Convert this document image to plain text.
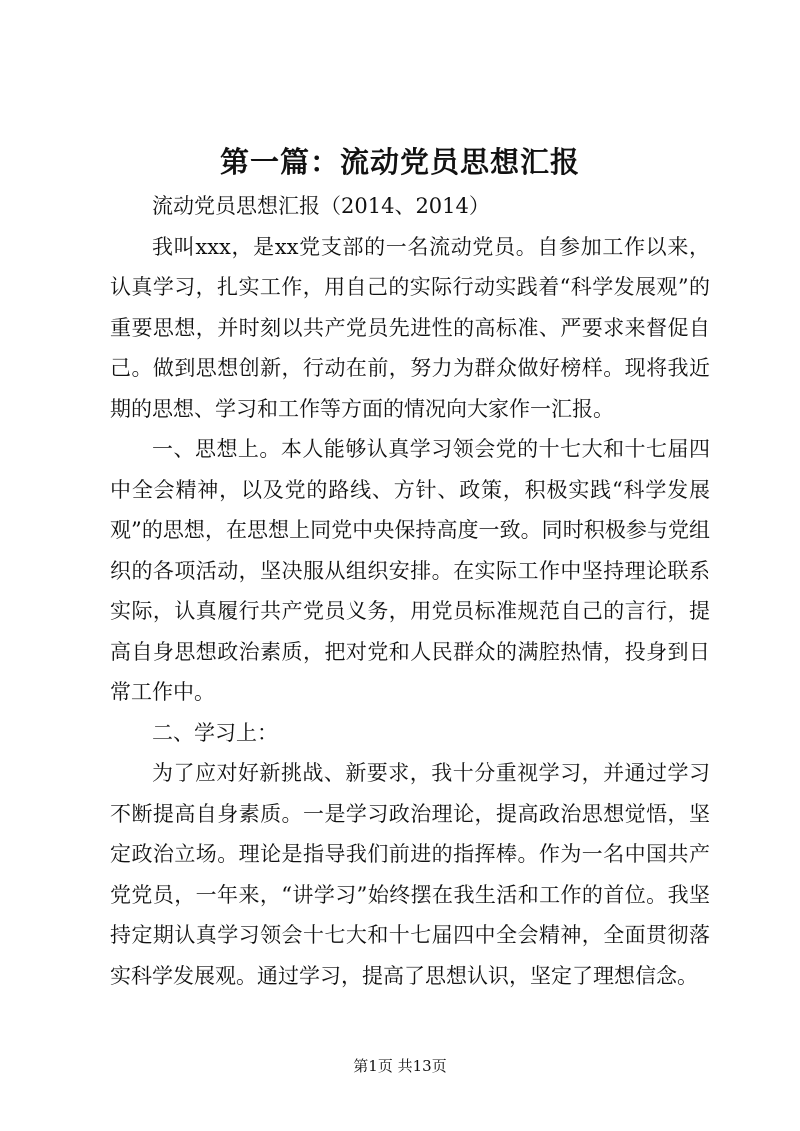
第一篇：流动党员思想汇报

流动党员思想汇报（2014、2014）

我叫xxx，是xx党支部的一名流动党员。自参加工作以来，认真学习，扎实工作，用自己的实际行动实践着“科学发展观”的重要思想，并时刻以共产党员先进性的高标准、严要求来督促自己。做到思想创新，行动在前，努力为群众做好榜样。现将我近期的思想、学习和工作等方面的情况向大家作一汇报。

一、思想上。本人能够认真学习领会党的十七大和十七届四中全会精神，以及党的路线、方针、政策，积极实践“科学发展观”的思想，在思想上同党中央保持高度一致。同时积极参与党组织的各项活动，坚决服从组织安排。在实际工作中坚持理论联系实际，认真履行共产党员义务，用党员标准规范自己的言行，提高自身思想政治素质，把对党和人民群众的满腔热情，投身到日常工作中。

二、学习上：

为了应对好新挑战、新要求，我十分重视学习，并通过学习不断提高自身素质。一是学习政治理论，提高政治思想觉悟，坚定政治立场。理论是指导我们前进的指挥棒。作为一名中国共产党党员，一年来，“讲学习”始终摆在我生活和工作的首位。我坚持定期认真学习领会十七大和十七届四中全会精神，全面贯彻落实科学发展观。通过学习，提高了思想认识，坚定了理想信念。

第1页 共13页
